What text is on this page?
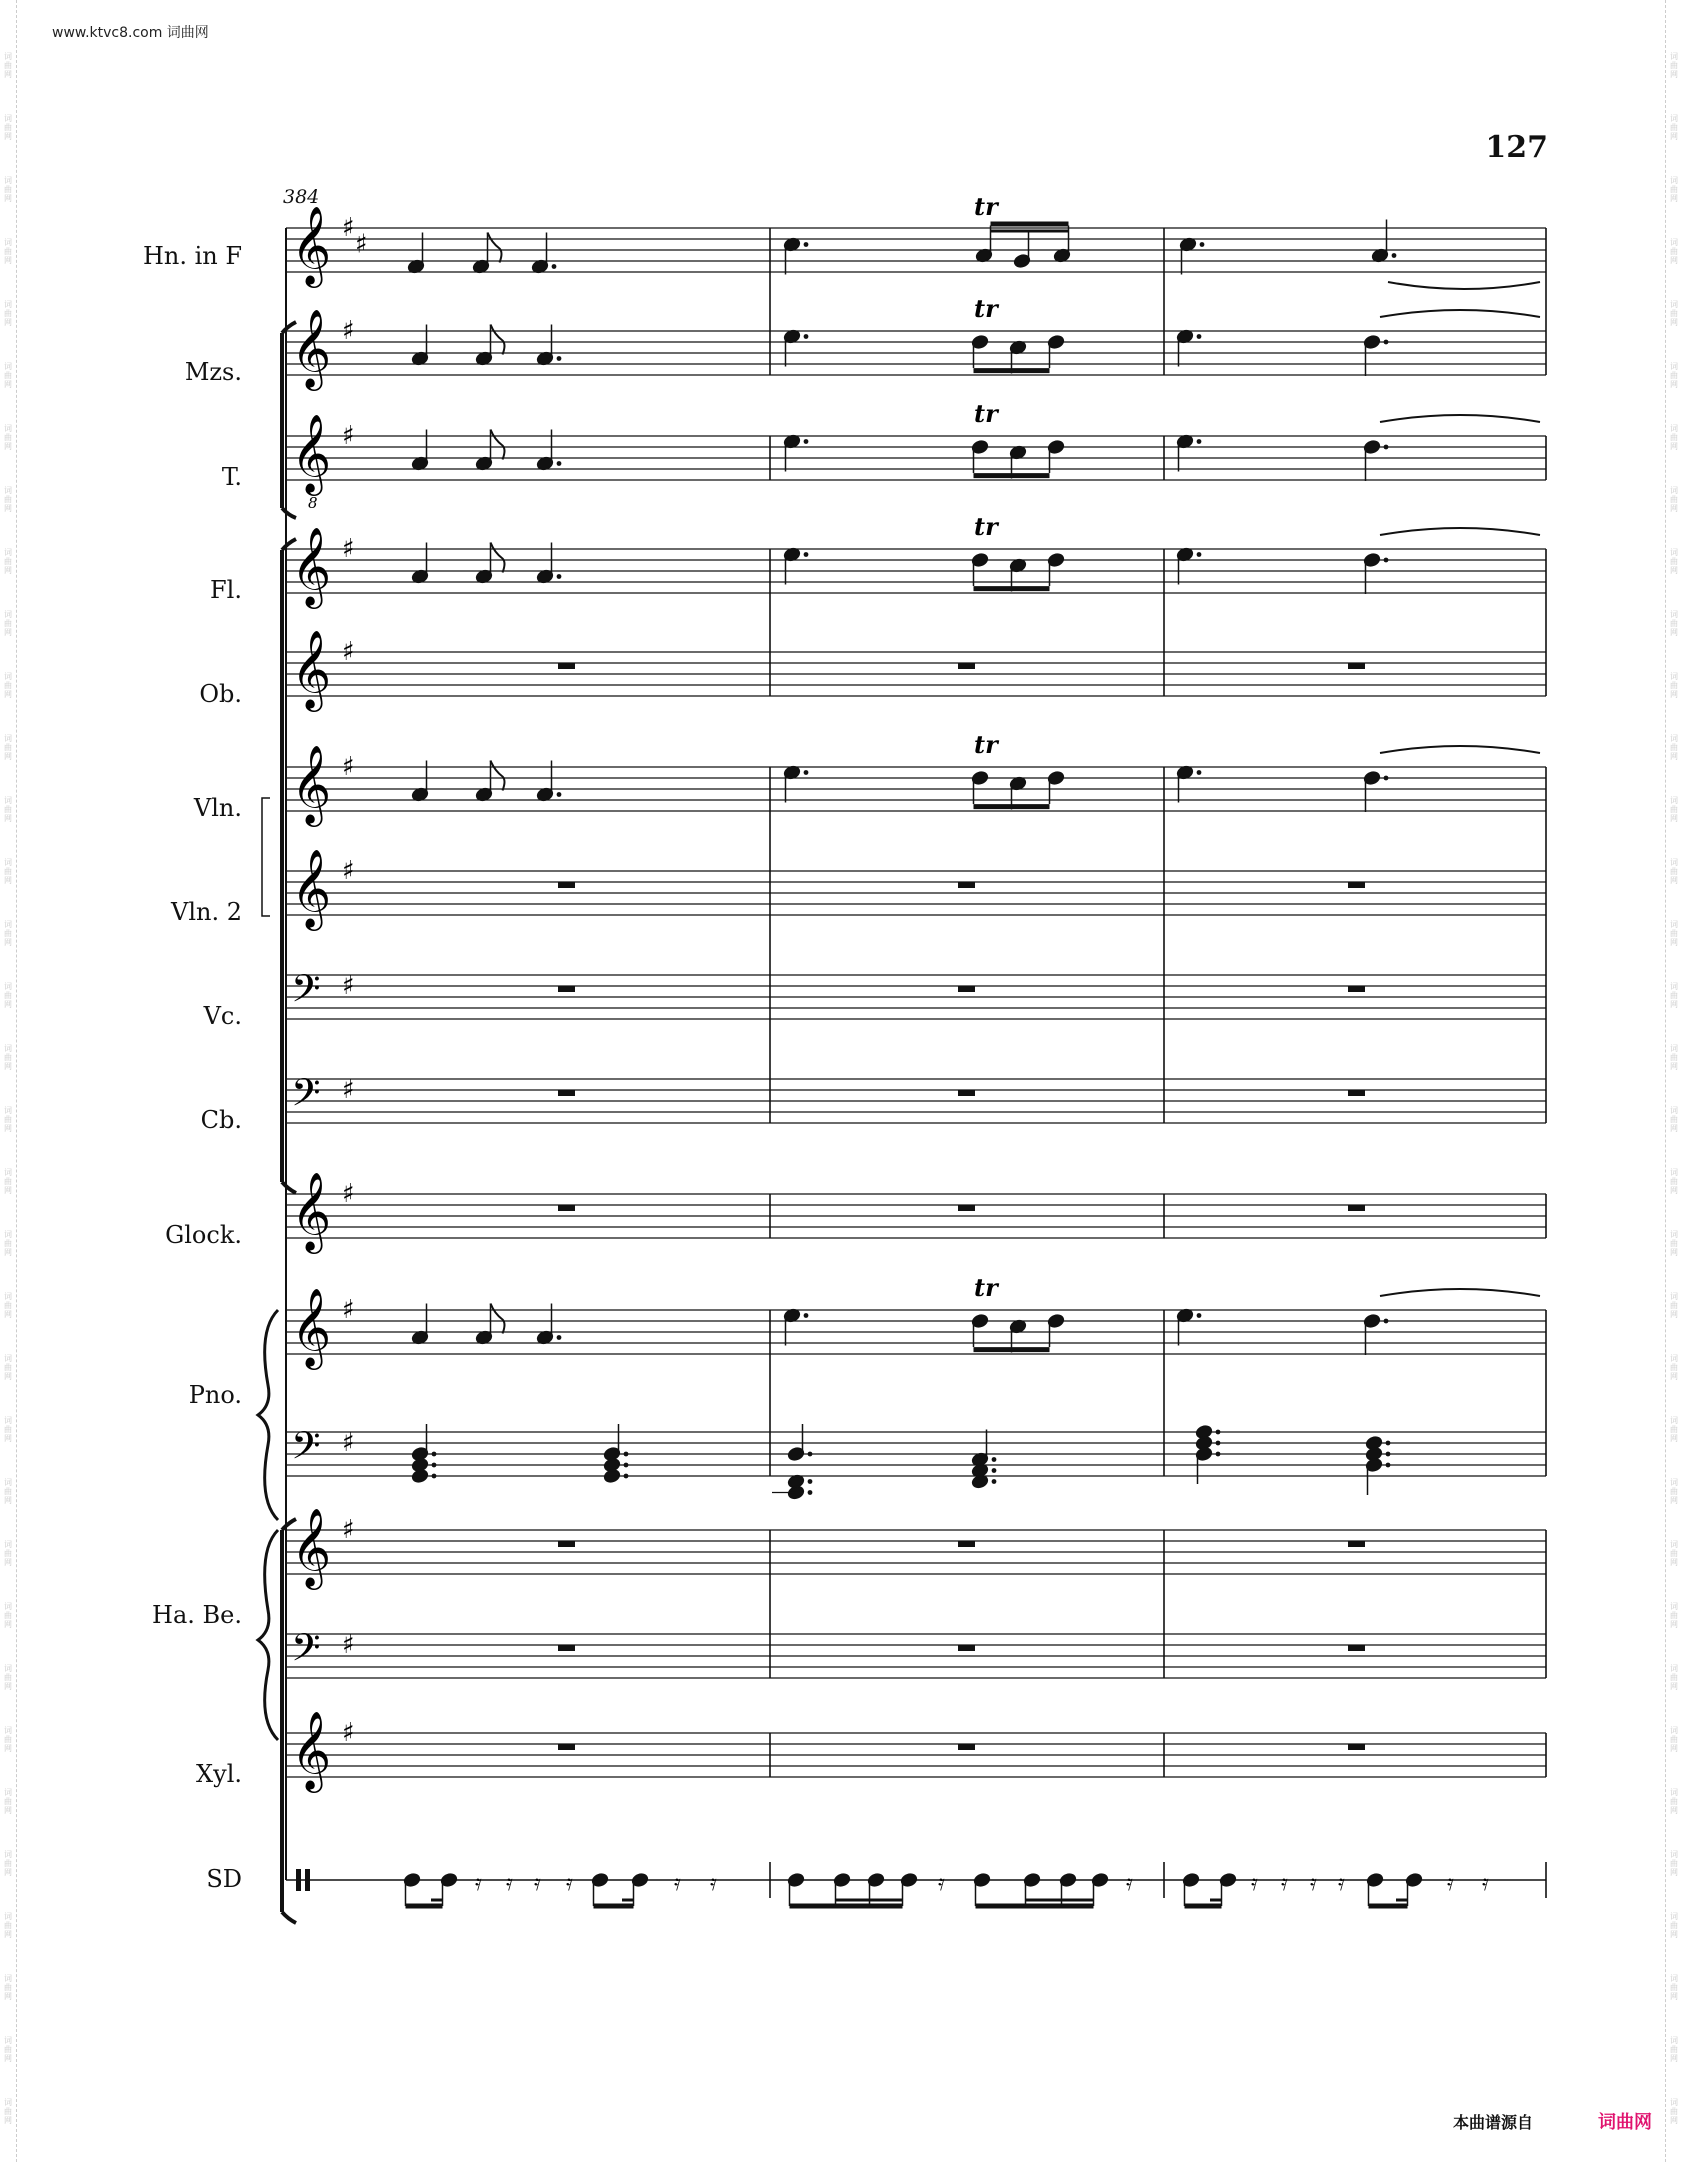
www.ktvc8.com 词曲网
127
384
Hn. in F
Mzs.
T.
Fl.
Ob.
Vln.
Vln. 2
Vc.
Cb.
Glock.
Pno.
Ha. Be.
Xyl.
SD
𝄞 ♯
♯
𝄞 ♯
𝄞 ♯
𝄞 ♯
𝄞 ♯
𝄞 ♯
𝄞 ♯
𝄢 ♯
𝄢 ♯
𝄞 ♯
𝄞 ♯
𝄢 ♯
𝄞 ♯
𝄢 ♯
𝄞 ♯
tr
tr
8
tr
tr
tr
tr
𝄿 𝄿 𝄿 𝄿	𝄿 𝄿	𝄿 𝄿 𝄿 𝄿	𝄿 𝄿
𝄿	𝄿
本曲谱源自	词曲网
词
曲
网
词
曲
网
词
曲
网
词
曲
网
词
曲
网
词
曲
网
词
曲
网
词
曲
网
词
曲
网
词
曲
网
词
曲
网
词
曲
网
词
曲
网
词
曲
网
词
曲
网
词
曲
网
词
曲
网
词
曲
网
词
曲
网
词
曲
网
词
曲
网
词
曲
网
词
曲
网
词
曲
网
词
曲
网
词
曲
网
词
曲
网
词
曲
网
词
曲
网
词
曲
网
词
曲
网
词
曲
网
词
曲
网
词
曲
网
词
曲
网
词
曲
网
词
曲
网
词
曲
网
词
曲
网
词
曲
网
词
曲
网
词
曲
网
词
曲
网
词
曲
网
词
曲
网
词
曲
网
词
曲
网
词
曲
网
词
曲
网
词
曲
网
词
曲
网
词
曲
网
词
曲
网
词
曲
网
词
曲
网
词
曲
网
词
曲
网
词
曲
网
词
曲
网
词
曲
网
词
曲
网
词
曲
网
词
曲
网
词
曲
网
词
曲
网
词
曲
网
词
曲
网
词
曲
网
